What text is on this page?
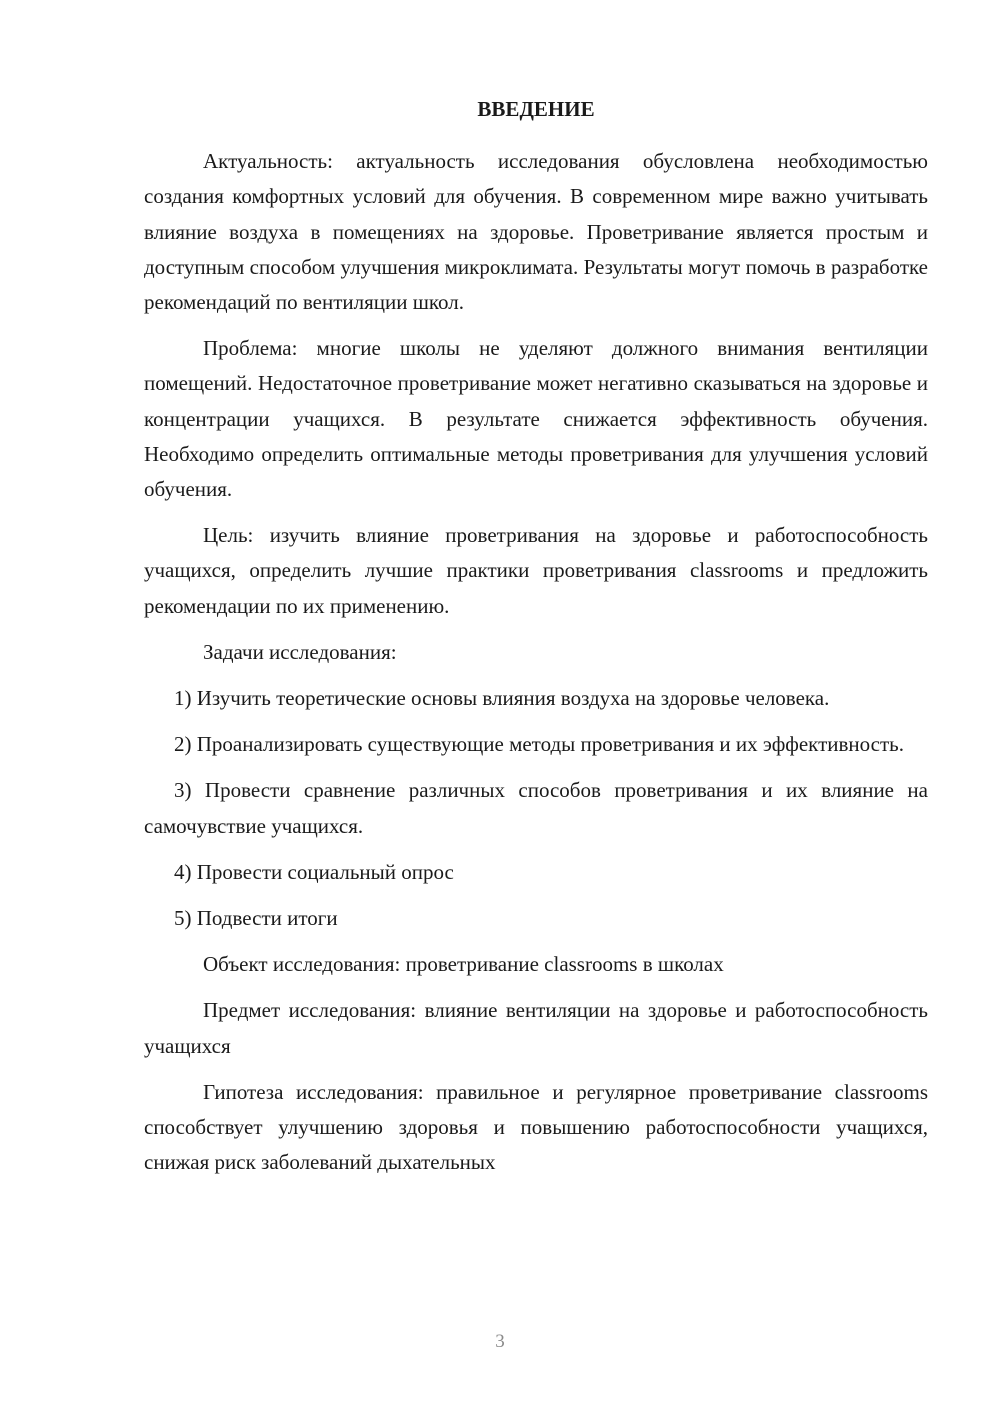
ВВЕДЕНИЕ

Актуальность: актуальность исследования обусловлена необходимостью создания комфортных условий для обучения. В современном мире важно учитывать влияние воздуха в помещениях на здоровье. Проветривание является простым и доступным способом улучшения микроклимата. Результаты могут помочь в разработке рекомендаций по вентиляции школ.

Проблема: многие школы не уделяют должного внимания вентиляции помещений. Недостаточное проветривание может негативно сказываться на здоровье и концентрации учащихся. В результате снижается эффективность обучения. Необходимо определить оптимальные методы проветривания для улучшения условий обучения.

Цель: изучить влияние проветривания на здоровье и работоспособность учащихся, определить лучшие практики проветривания classrooms и предложить рекомендации по их применению.

Задачи исследования:

1) Изучить теоретические основы влияния воздуха на здоровье человека.

2) Проанализировать существующие методы проветривания и их эффективность.

3) Провести сравнение различных способов проветривания и их влияние на самочувствие учащихся.

4) Провести социальный опрос

5) Подвести итоги

Объект исследования: проветривание classrooms в школах

Предмет исследования: влияние вентиляции на здоровье и работоспособность учащихся

Гипотеза исследования: правильное и регулярное проветривание classrooms способствует улучшению здоровья и повышению работоспособности учащихся, снижая риск заболеваний дыхательных

3
